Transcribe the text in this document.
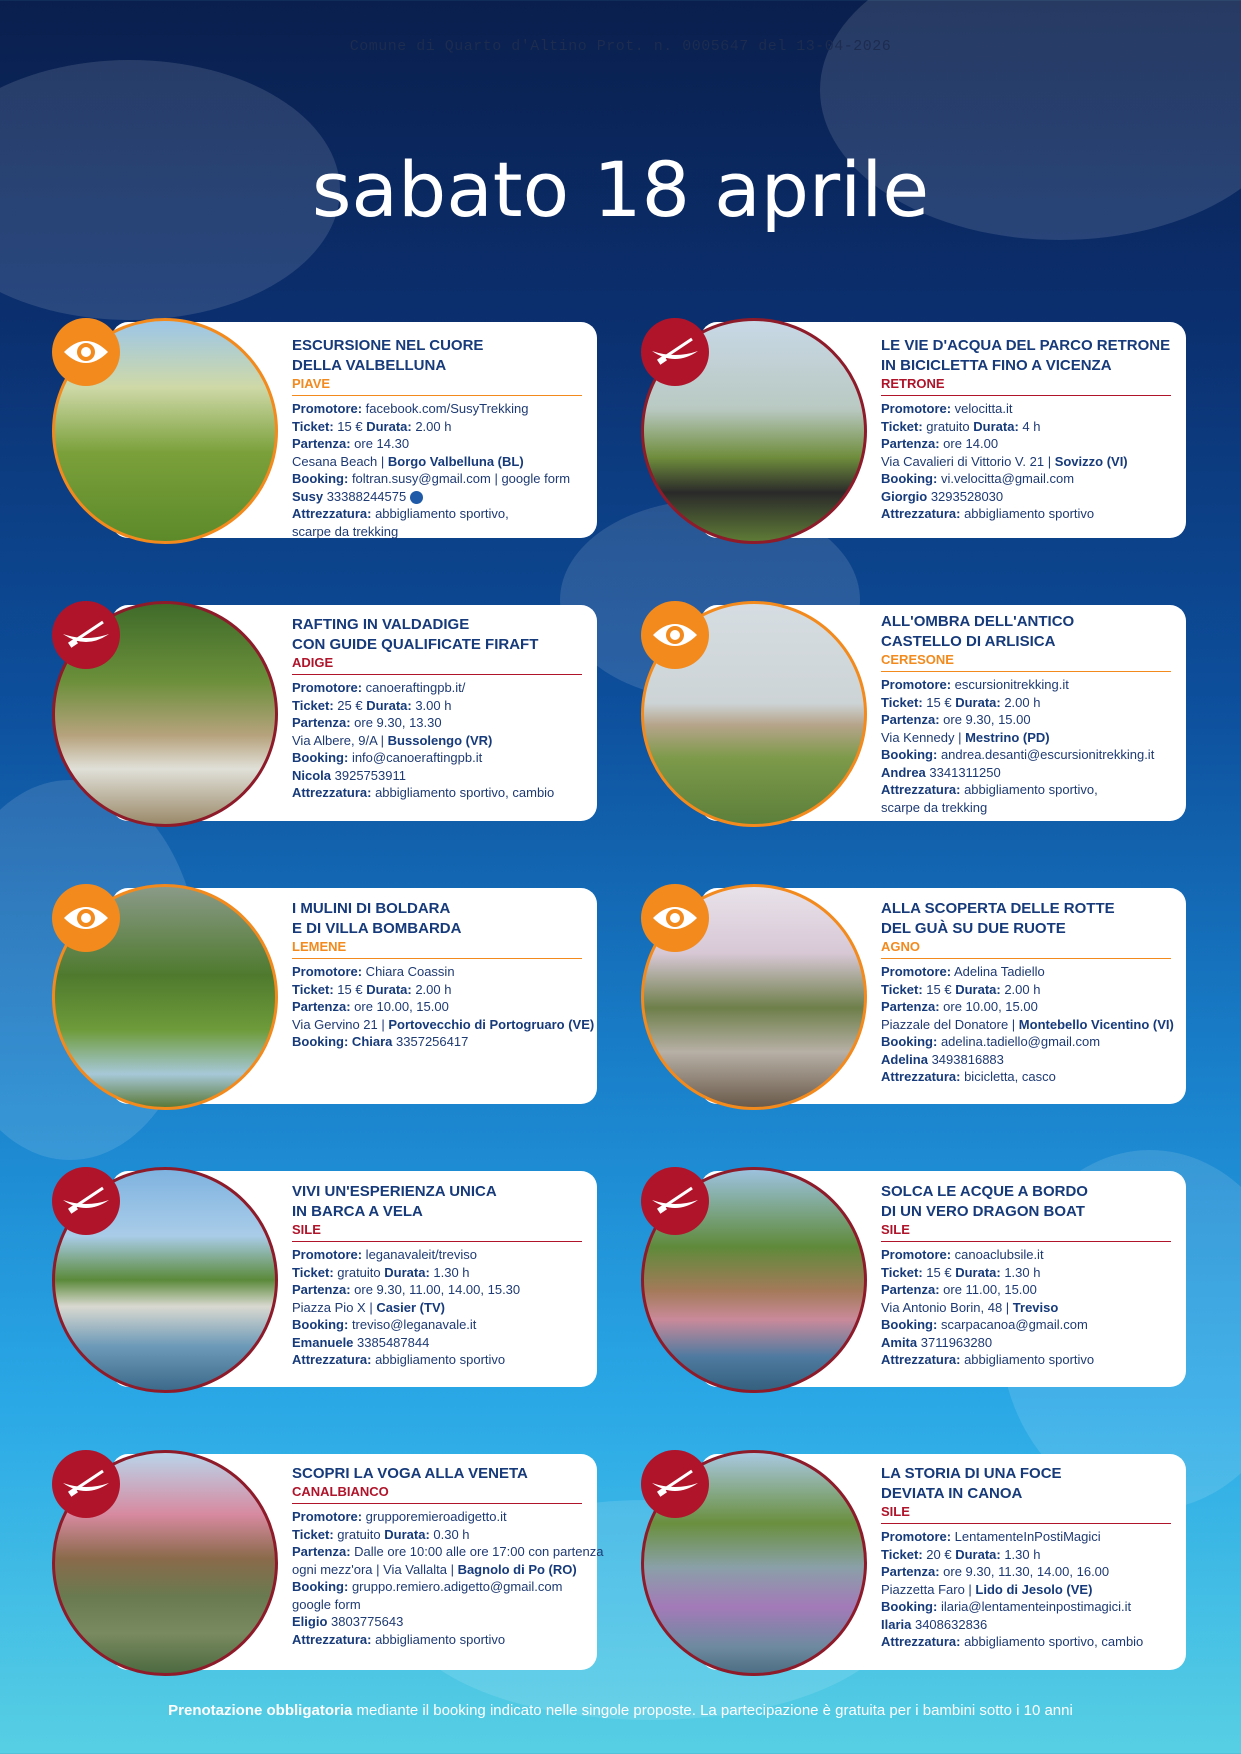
Comune di Quarto d'Altino Prot. n. 0005647 del 13-04-2026
sabato 18 aprile

ESCURSIONE NEL CUORE

DELLA VALBELLUNA

PIAVE

Promotore: facebook.com/SusyTrekking

Ticket: 15 € Durata: 2.00 h

Partenza: ore 14.30

Cesana Beach | Borgo Valbelluna (BL)

Booking: foltran.susy@gmail.com | google form

Susy 33388244575

Attrezzatura: abbigliamento sportivo,

scarpe da trekking

LE VIE D'ACQUA DEL PARCO RETRONE

IN BICICLETTA FINO A VICENZA

RETRONE

Promotore: velocitta.it

Ticket: gratuito Durata: 4 h

Partenza: ore 14.00

Via Cavalieri di Vittorio V. 21 | Sovizzo (VI)

Booking: vi.velocitta@gmail.com

Giorgio 3293528030

Attrezzatura: abbigliamento sportivo

RAFTING IN VALDADIGE

CON GUIDE QUALIFICATE FIRAFT

ADIGE

Promotore: canoeraftingpb.it/

Ticket: 25 € Durata: 3.00 h

Partenza: ore 9.30, 13.30

Via Albere, 9/A | Bussolengo (VR)

Booking: info@canoeraftingpb.it

Nicola 3925753911

Attrezzatura: abbigliamento sportivo, cambio

ALL'OMBRA DELL'ANTICO

CASTELLO DI ARLISICA

CERESONE

Promotore: escursionitrekking.it

Ticket: 15 € Durata: 2.00 h

Partenza: ore 9.30, 15.00

Via Kennedy | Mestrino (PD)

Booking: andrea.desanti@escursionitrekking.it

Andrea 3341311250

Attrezzatura: abbigliamento sportivo,

scarpe da trekking

I MULINI DI BOLDARA

E DI VILLA BOMBARDA

LEMENE

Promotore: Chiara Coassin

Ticket: 15 € Durata: 2.00 h

Partenza: ore 10.00, 15.00

Via Gervino 21 | Portovecchio di Portogruaro (VE)

Booking: Chiara 3357256417

ALLA SCOPERTA DELLE ROTTE

DEL GUÀ SU DUE RUOTE

AGNO

Promotore: Adelina Tadiello

Ticket: 15 € Durata: 2.00 h

Partenza: ore 10.00, 15.00

Piazzale del Donatore | Montebello Vicentino (VI)

Booking: adelina.tadiello@gmail.com

Adelina 3493816883

Attrezzatura: bicicletta, casco

VIVI UN'ESPERIENZA UNICA

IN BARCA A VELA

SILE

Promotore: leganavaleit/treviso

Ticket: gratuito Durata: 1.30 h

Partenza: ore 9.30, 11.00, 14.00, 15.30

Piazza Pio X | Casier (TV)

Booking: treviso@leganavale.it

Emanuele 3385487844

Attrezzatura: abbigliamento sportivo

SOLCA LE ACQUE A BORDO

DI UN VERO DRAGON BOAT

SILE

Promotore: canoaclubsile.it

Ticket: 15 € Durata: 1.30 h

Partenza: ore 11.00, 15.00

Via Antonio Borin, 48 | Treviso

Booking: scarpacanoa@gmail.com

Amita 3711963280

Attrezzatura: abbigliamento sportivo

SCOPRI LA VOGA ALLA VENETA

CANALBIANCO

Promotore: grupporemieroadigetto.it

Ticket: gratuito Durata: 0.30 h

Partenza: Dalle ore 10:00 alle ore 17:00 con partenza

ogni mezz'ora | Via Vallalta | Bagnolo di Po (RO)

Booking: gruppo.remiero.adigetto@gmail.com

google form

Eligio 3803775643

Attrezzatura: abbigliamento sportivo

LA STORIA DI UNA FOCE

DEVIATA IN CANOA

SILE

Promotore: LentamenteInPostiMagici

Ticket: 20 € Durata: 1.30 h

Partenza: ore 9.30, 11.30, 14.00, 16.00

Piazzetta Faro | Lido di Jesolo (VE)

Booking: ilaria@lentamenteinpostimagici.it

Ilaria 3408632836

Attrezzatura: abbigliamento sportivo, cambio

Prenotazione obbligatoria mediante il booking indicato nelle singole proposte. La partecipazione è gratuita per i bambini sotto i 10 anni
